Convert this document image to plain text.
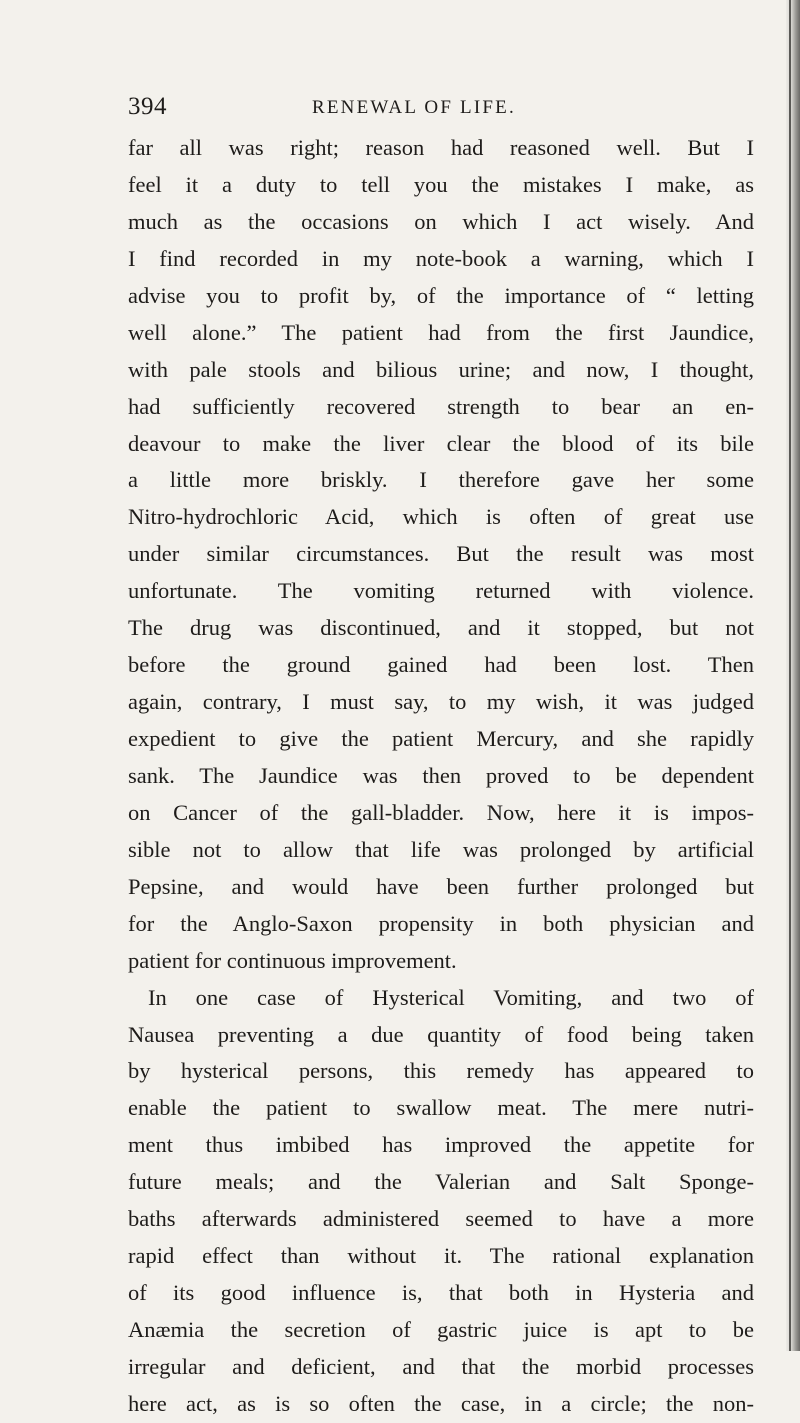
394	RENEWAL OF LIFE.
far all was right; reason had reasoned well. But I
feel it a duty to tell you the mistakes I make, as
much as the occasions on which I act wisely. And
I find recorded in my note-book a warning, which I
advise you to profit by, of the importance of “ letting
well alone.” The patient had from the first Jaundice,
with pale stools and bilious urine; and now, I thought,
had sufficiently recovered strength to bear an en-
deavour to make the liver clear the blood of its bile
a little more briskly. I therefore gave her some
Nitro-hydrochloric Acid, which is often of great use
under similar circumstances. But the result was most
unfortunate. The vomiting returned with violence.
The drug was discontinued, and it stopped, but not
before the ground gained had been lost. Then
again, contrary, I must say, to my wish, it was judged
expedient to give the patient Mercury, and she rapidly
sank. The Jaundice was then proved to be dependent
on Cancer of the gall-bladder. Now, here it is impos-
sible not to allow that life was prolonged by artificial
Pepsine, and would have been further prolonged but
for the Anglo-Saxon propensity in both physician and
patient for continuous improvement.
In one case of Hysterical Vomiting, and two of
Nausea preventing a due quantity of food being taken
by hysterical persons, this remedy has appeared to
enable the patient to swallow meat. The mere nutri-
ment thus imbibed has improved the appetite for
future meals; and the Valerian and Salt Sponge-
baths afterwards administered seemed to have a more
rapid effect than without it. The rational explanation
of its good influence is, that both in Hysteria and
Anæmia the secretion of gastric juice is apt to be
irregular and deficient, and that the morbid processes
here act, as is so often the case, in a circle; the non-
